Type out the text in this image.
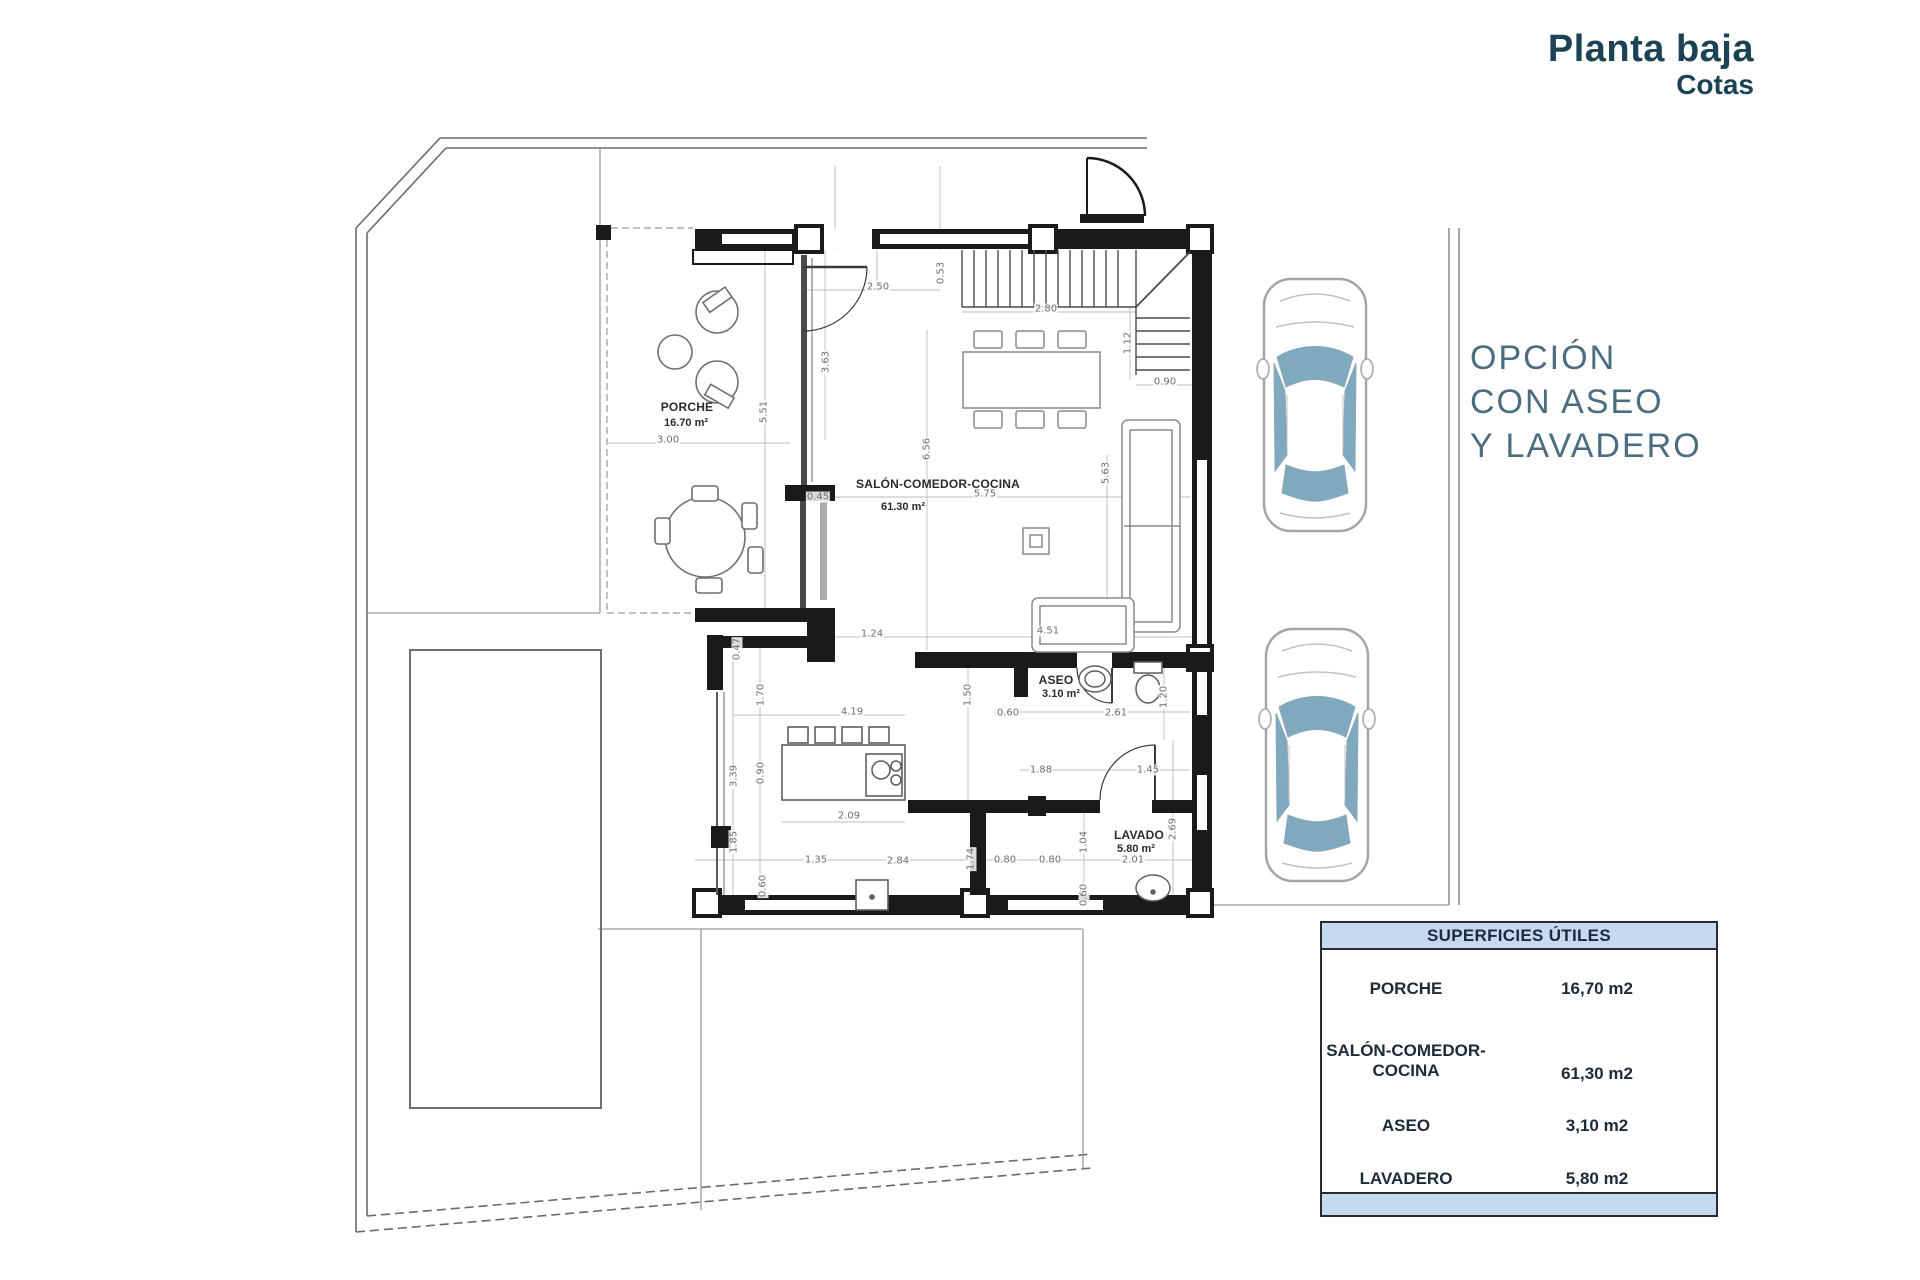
2.50
0.53
2.80
1.12
0.90
3.63
5.51
3.00	6.56
5.75
5.63
0.45
1.24	4.51
0.47
1.70
4.19	0.60	2.61
1.50	1.20
3.39 0.90
2.09
1.88	1.45
1.85
1.35	2.84	1.74 0.80 0.80
1.04
2.01
2.69
0.60	0.60
PORCHE
16.70 m²
SALÓN-COMEDOR-COCINA
61.30 m²
ASEO
3.10 m²
LAVADO
5.80 m²
Planta baja
Cotas
OPCIÓN
CON ASEO
Y LAVADERO
SUPERFICIES ÚTILES
PORCHE	16,70 m2
SALÓN-COMEDOR-
COCINA	61,30 m2
ASEO	3,10 m2
LAVADERO	5,80 m2
